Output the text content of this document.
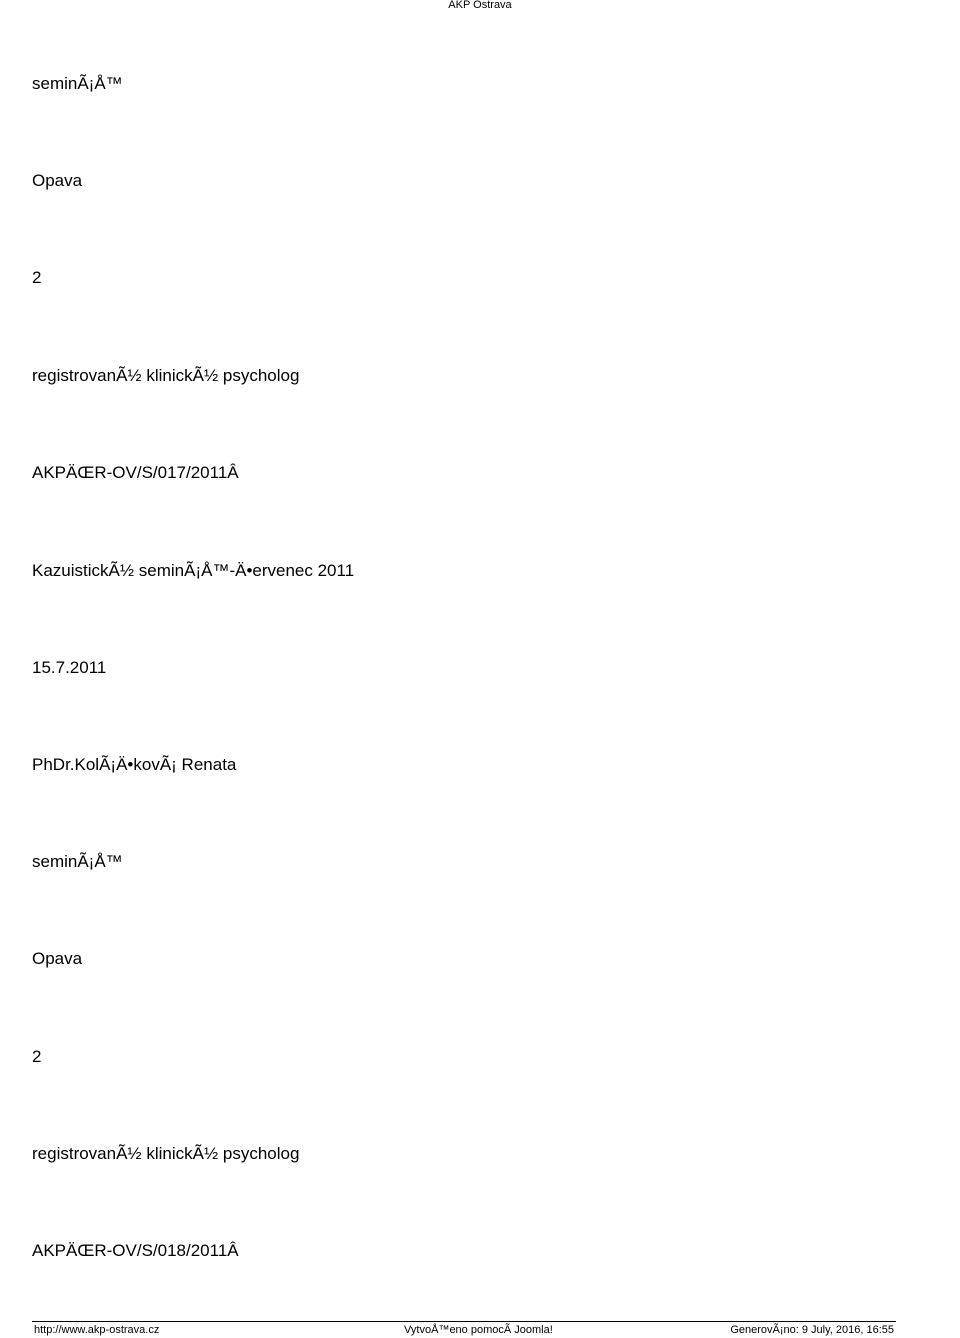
AKP Ostrava
seminÃ¡Å™
Opava
2
registrovanÃ½ klinickÃ½ psycholog
AKPÄŒR-OV/S/017/2011Â
KazuistickÃ½ seminÃ¡Å™-Ä•ervenec 2011
15.7.2011
PhDr.KolÃ¡Ä•kovÃ¡ Renata
seminÃ¡Å™
Opava
2
registrovanÃ½ klinickÃ½ psycholog
AKPÄŒR-OV/S/018/2011Â
http://www.akp-ostrava.cz	VytvoÅ™eno pomocÃ Joomla!	GenerovÃ¡no: 9 July, 2016, 16:55
